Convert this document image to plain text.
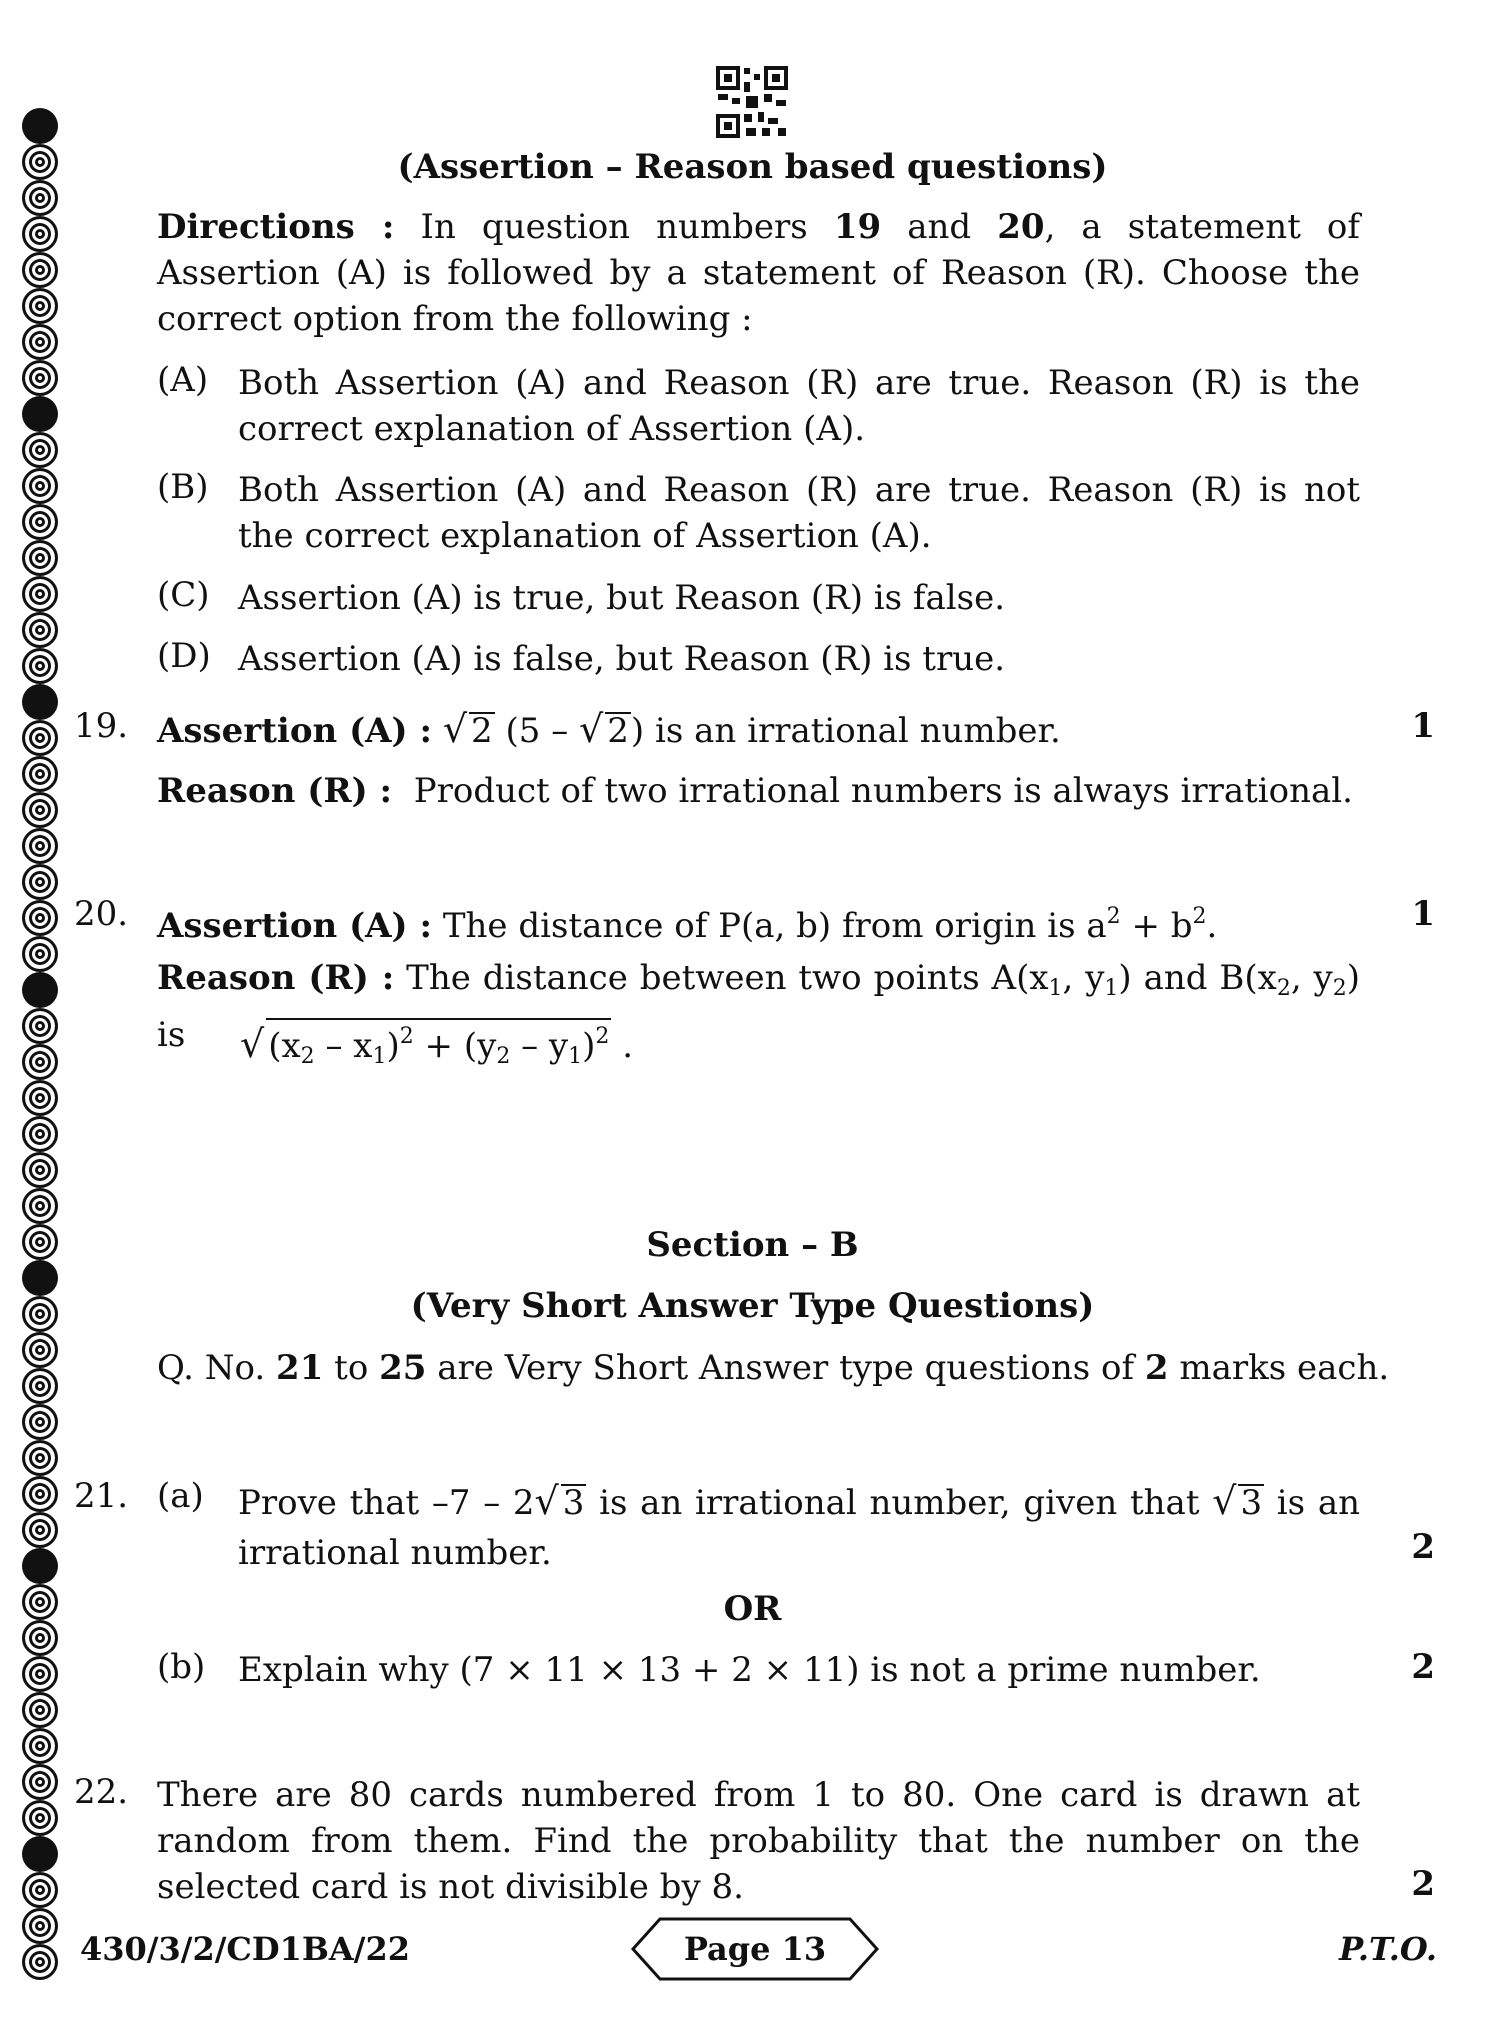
(Assertion – Reason based questions)
Directions : In question numbers 19 and 20, a statement of Assertion (A) is followed by a statement of Reason (R). Choose the correct option from the following :
(A) Both Assertion (A) and Reason (R) are true. Reason (R) is the correct explanation of Assertion (A).
(B) Both Assertion (A) and Reason (R) are true. Reason (R) is not the correct explanation of Assertion (A).
(C) Assertion (A) is true, but Reason (R) is false.
(D) Assertion (A) is false, but Reason (R) is true.
19. Assertion (A) : √ 2 (5 – √ 2) is an irrational number.	1
Reason (R) : Product of two irrational numbers is always irrational.
20. Assertion (A) : The distance of P(a, b) from origin is $a^2 + b^2$.	1
Reason (R) : The distance between two points $A(x_1$, $y_1$) and $B(x_2$, $y_2$) is	√ $(x_2 - x_1)^2 + (y_2 - y_1)^2$ .
Section – B
(Very Short Answer Type Questions)
Q. No. 21 to 25 are Very Short Answer type questions of 2 marks each.
21. (a) Prove that –7 – 2√ 3 is an irrational number, given that √ 3 is an irrational number.	2
OR
(b) Explain why (7 × 11 × 13 + 2 × 11) is not a prime number.	2
22. There are 80 cards numbered from 1 to 80. One card is drawn at random from them. Find the probability that the number on the selected card is not divisible by 8.	2
430/3/2/CD1BA/22	Page 13	P.T.O.
